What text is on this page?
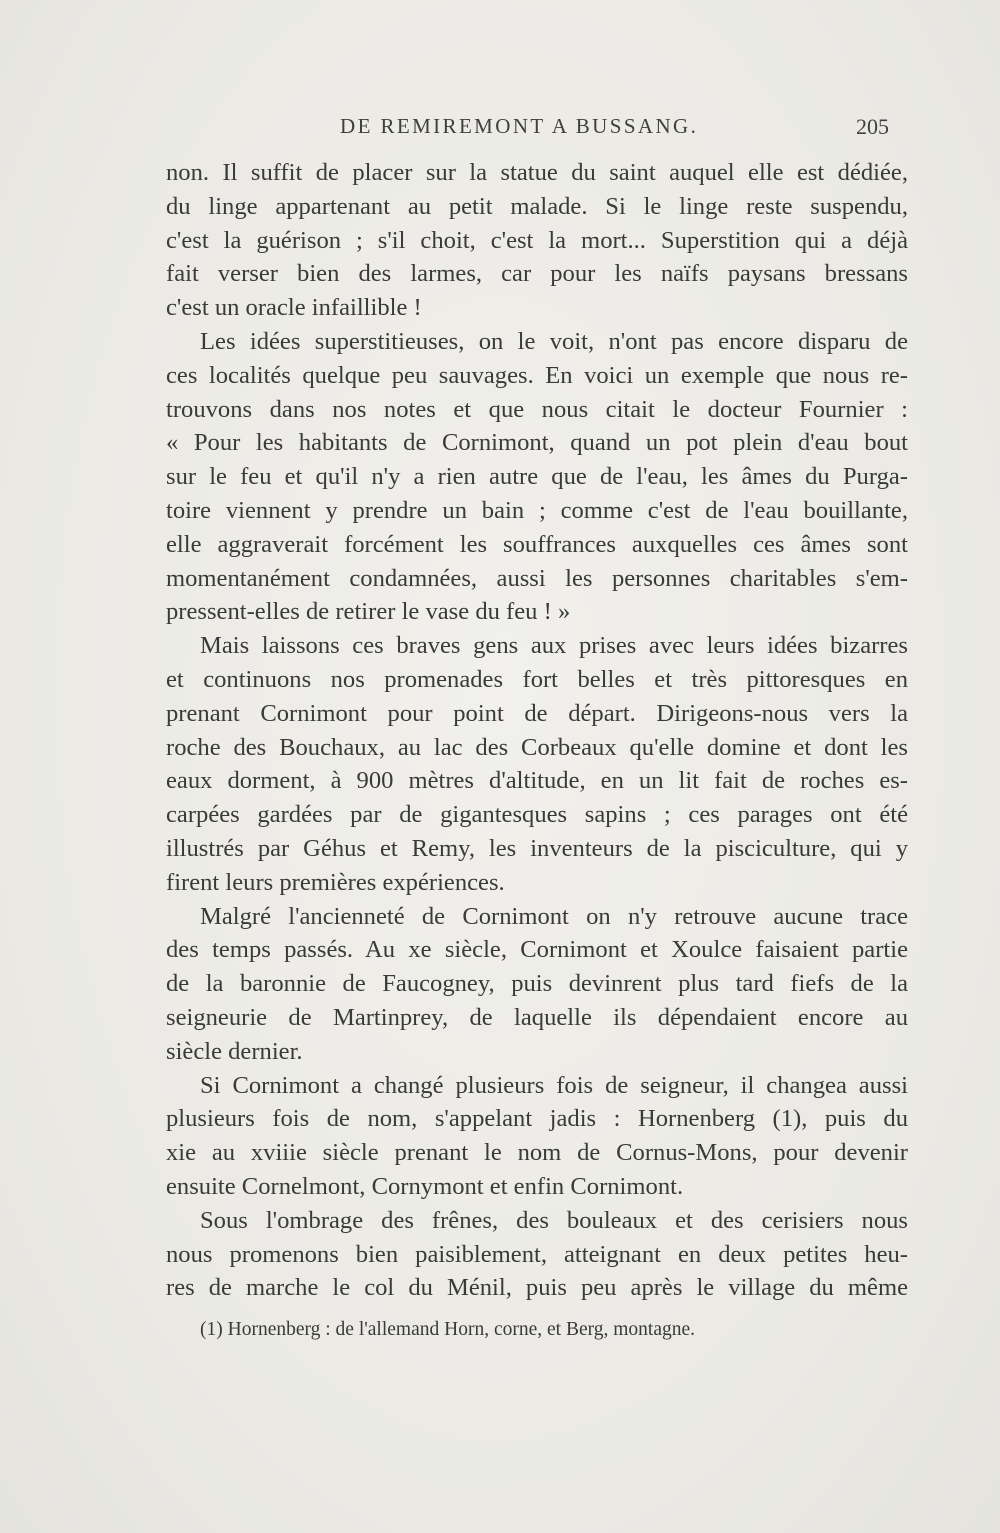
DE REMIREMONT A BUSSANG.	205
non. Il suffit de placer sur la statue du saint auquel elle est dédiée,
du linge appartenant au petit malade. Si le linge reste suspendu,
c'est la guérison ; s'il choit, c'est la mort... Superstition qui a déjà
fait verser bien des larmes, car pour les naïfs paysans bressans
c'est un oracle infaillible !
Les idées superstitieuses, on le voit, n'ont pas encore disparu de
ces localités quelque peu sauvages. En voici un exemple que nous re-
trouvons dans nos notes et que nous citait le docteur Fournier :
« Pour les habitants de Cornimont, quand un pot plein d'eau bout
sur le feu et qu'il n'y a rien autre que de l'eau, les âmes du Purga-
toire viennent y prendre un bain ; comme c'est de l'eau bouillante,
elle aggraverait forcément les souffrances auxquelles ces âmes sont
momentanément condamnées, aussi les personnes charitables s'em-
pressent-elles de retirer le vase du feu ! »
Mais laissons ces braves gens aux prises avec leurs idées bizarres
et continuons nos promenades fort belles et très pittoresques en
prenant Cornimont pour point de départ. Dirigeons-nous vers la
roche des Bouchaux, au lac des Corbeaux qu'elle domine et dont les
eaux dorment, à 900 mètres d'altitude, en un lit fait de roches es-
carpées gardées par de gigantesques sapins ; ces parages ont été
illustrés par Géhus et Remy, les inventeurs de la pisciculture, qui y
firent leurs premières expériences.
Malgré l'ancienneté de Cornimont on n'y retrouve aucune trace
des temps passés. Au xe siècle, Cornimont et Xoulce faisaient partie
de la baronnie de Faucogney, puis devinrent plus tard fiefs de la
seigneurie de Martinprey, de laquelle ils dépendaient encore au
siècle dernier.
Si Cornimont a changé plusieurs fois de seigneur, il changea aussi
plusieurs fois de nom, s'appelant jadis : Hornenberg (1), puis du
xie au xviiie siècle prenant le nom de Cornus-Mons, pour devenir
ensuite Cornelmont, Cornymont et enfin Cornimont.
Sous l'ombrage des frênes, des bouleaux et des cerisiers nous
nous promenons bien paisiblement, atteignant en deux petites heu-
res de marche le col du Ménil, puis peu après le village du même
(1) Hornenberg : de l'allemand Horn, corne, et Berg, montagne.
